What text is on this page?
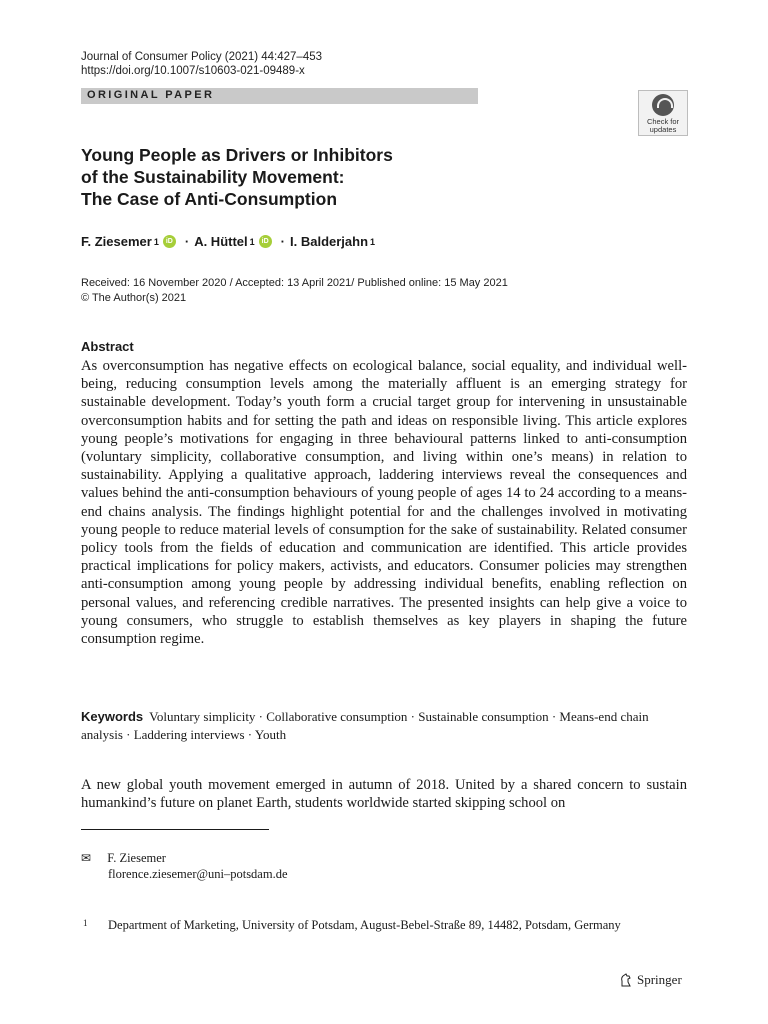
Journal of Consumer Policy (2021) 44:427–453
https://doi.org/10.1007/s10603-021-09489-x
ORIGINAL PAPER
Check for
updates
Young People as Drivers or Inhibitors
of the Sustainability Movement:
The Case of Anti-Consumption
F. Ziesemer 1	iD · A. Hüttel 1	iD · I. Balderjahn 1
Received: 16 November 2020 / Accepted: 13 April 2021/ Published online: 15 May 2021
© The Author(s) 2021
Abstract
As overconsumption has negative effects on ecological balance, social equality, and individual well-being, reducing consumption levels among the materially affluent is an emerging strategy for sustainable development. Today’s youth form a crucial target group for intervening in unsustainable overconsumption habits and for setting the path and ideas on responsible living. This article explores young people’s motivations for engaging in three behavioural patterns linked to anti-consumption (voluntary simplicity, collaborative consumption, and living within one’s means) in relation to sustainability. Applying a qualitative approach, laddering interviews reveal the consequences and values behind the anti-consumption behaviours of young people of ages 14 to 24 according to a means-end chains analysis. The findings highlight potential for and the challenges involved in motivating young people to reduce material levels of consumption for the sake of sustainability. Related consumer policy tools from the fields of education and communication are identified. This article provides practical implications for policy makers, activists, and educators. Consumer policies may strengthen anti-consumption among young people by addressing individual benefits, enabling reflection on personal values, and referencing credible narratives. The presented insights can help give a voice to young consumers, who struggle to establish themselves as key players in shaping the future consumption regime.
Keywords Voluntary simplicity · Collaborative consumption · Sustainable consumption · Means-end chain analysis · Laddering interviews · Youth
A new global youth movement emerged in autumn of 2018. United by a shared concern to sustain humankind’s future on planet Earth, students worldwide started skipping school on
✉ F. Ziesemer
florence.ziesemer@uni–potsdam.de
1	Department of Marketing, University of Potsdam, August-Bebel-Straße 89, 14482, Potsdam, Germany
Springer
